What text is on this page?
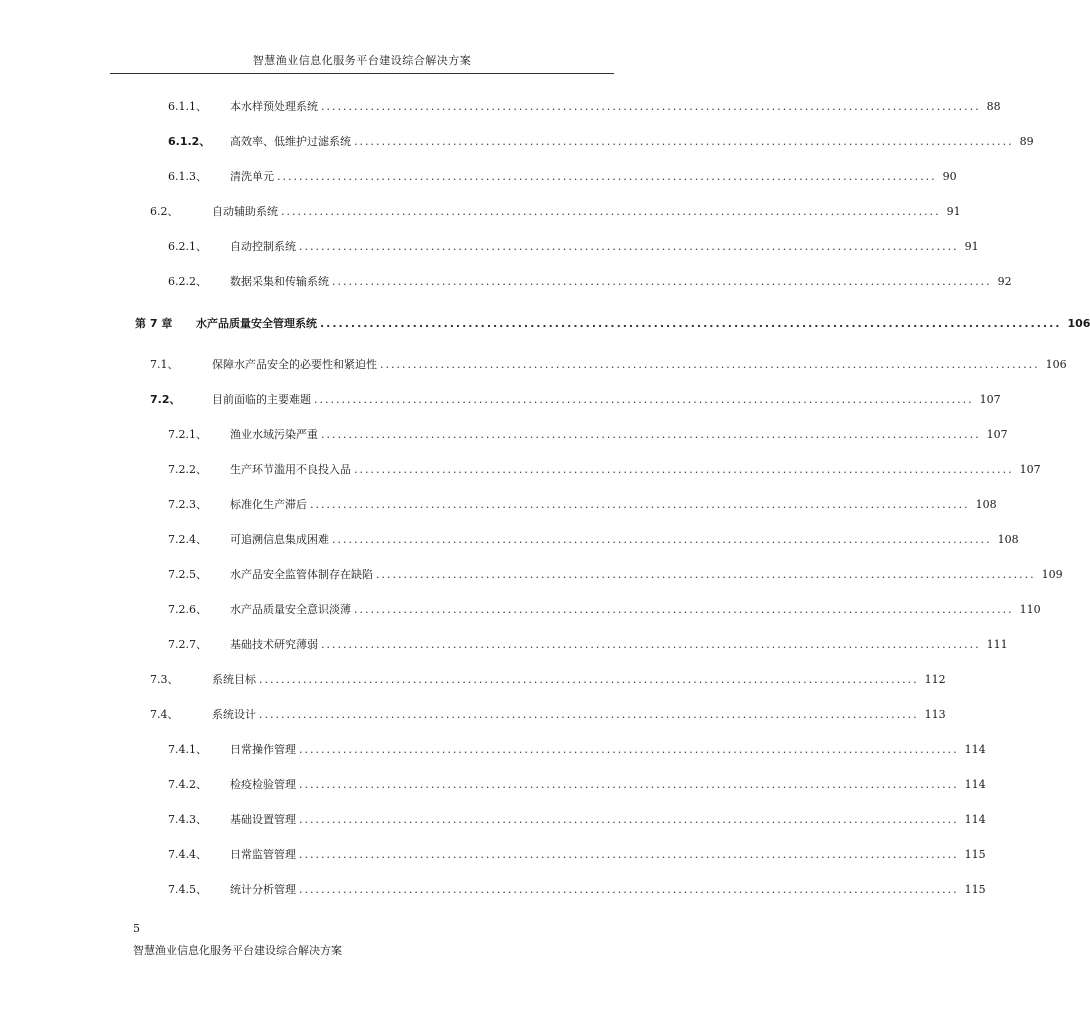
智慧渔业信息化服务平台建设综合解决方案
6.1.1、	本水样预处理系统 ........................................................................................................................ 88
6.1.2、	高效率、低维护过滤系统 ........................................................................................................................ 89
6.1.3、	清洗单元 ........................................................................................................................ 90
6.2、	自动辅助系统 ........................................................................................................................ 91
6.2.1、	自动控制系统 ........................................................................................................................ 91
6.2.2、	数据采集和传输系统 ........................................................................................................................ 92
第 7 章	水产品质量安全管理系统 ........................................................................................................................ 106
7.1、	保障水产品安全的必要性和紧迫性 ........................................................................................................................ 106
7.2、	目前面临的主要难题 ........................................................................................................................ 107
7.2.1、	渔业水域污染严重 ........................................................................................................................ 107
7.2.2、	生产环节滥用不良投入品 ........................................................................................................................ 107
7.2.3、	标准化生产滞后 ........................................................................................................................ 108
7.2.4、	可追溯信息集成困难 ........................................................................................................................ 108
7.2.5、	水产品安全监管体制存在缺陷 ........................................................................................................................ 109
7.2.6、	水产品质量安全意识淡薄 ........................................................................................................................ 110
7.2.7、	基础技术研究薄弱 ........................................................................................................................ 111
7.3、	系统目标 ........................................................................................................................ 112
7.4、	系统设计 ........................................................................................................................ 113
7.4.1、	日常操作管理 ........................................................................................................................ 114
7.4.2、	检疫检验管理 ........................................................................................................................ 114
7.4.3、	基础设置管理 ........................................................................................................................ 114
7.4.4、	日常监管管理 ........................................................................................................................ 115
7.4.5、	统计分析管理 ........................................................................................................................ 115
5
智慧渔业信息化服务平台建设综合解决方案
